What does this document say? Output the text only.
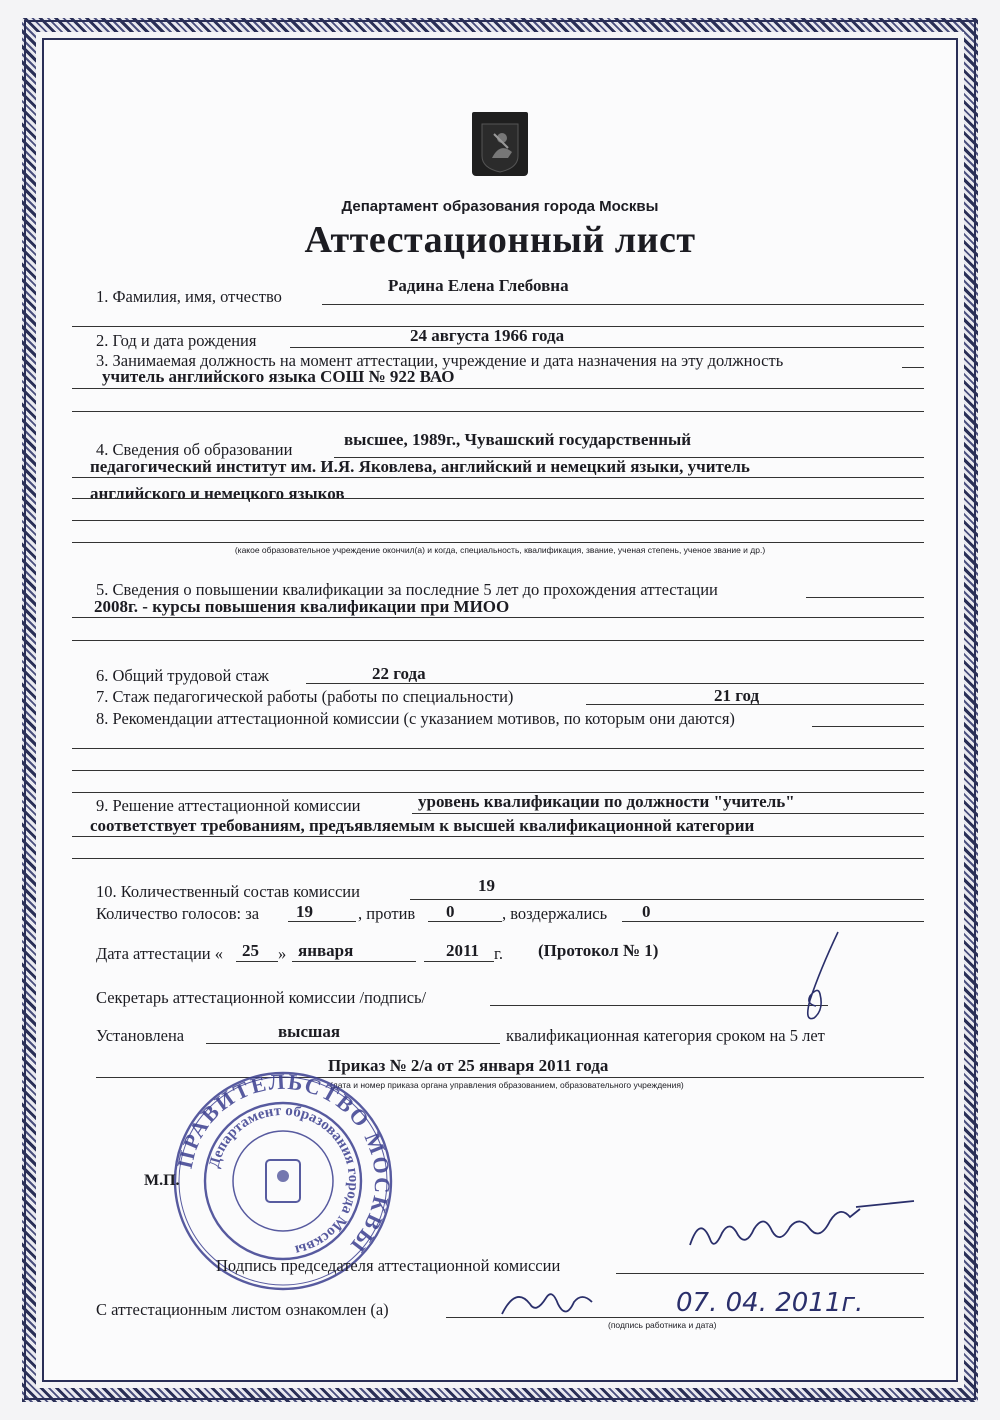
Департамент образования города Москвы
Аттестационный лист
1. Фамилия, имя, отчество
Радина Елена Глебовна
2. Год и дата рождения	24 августа 1966 года
3. Занимаемая должность на момент аттестации, учреждение и дата назначения на эту должность
учитель английского языка СОШ № 922 ВАО
4. Сведения об образовании
высшее, 1989г., Чувашский государственный
педагогический институт им. И.Я. Яковлева, английский и немецкий языки, учитель
английского и немецкого языков
(какое образовательное учреждение окончил(а) и когда, специальность, квалификация, звание, ученая степень, ученое звание и др.)
5. Сведения о повышении квалификации за последние 5 лет до прохождения аттестации
2008г. - курсы повышения квалификации при МИОО
6. Общий трудовой стаж	22 года
7. Стаж педагогической работы (работы по специальности)	21 год
8. Рекомендации аттестационной комиссии (с указанием мотивов, по которым они даются)
9. Решение аттестационной комиссии	уровень квалификации по должности "учитель"
соответствует требованиям, предъявляемым к высшей квалификационной категории
10. Количественный состав комиссии	19
Количество голосов: за 19	, против 0	, воздержались 0
Дата аттестации « 25 » января	2011 г. (Протокол № 1)
Секретарь аттестационной комиссии /подпись/
Установлена	высшая	квалификационная категория сроком на 5 лет
Приказ № 2/а от 25 января 2011 года
(дата и номер приказа органа управления образованием, образовательного учреждения)
ПРАВИТЕЛЬСТВО МОСКВЫ
Департамент образования города Москвы
М.П.
Подпись председателя аттестационной комиссии
С аттестационным листом ознакомлен (а)	07. 04. 2011г.
(подпись работника и дата)
